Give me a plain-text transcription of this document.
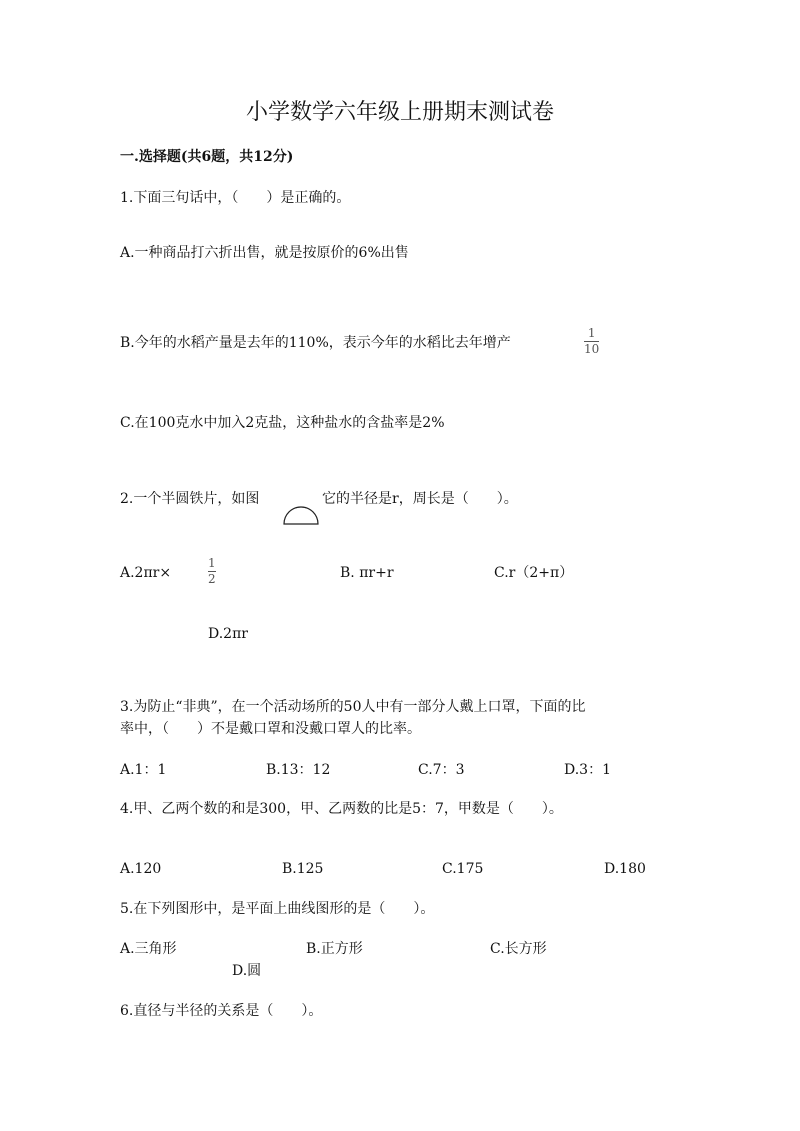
小学数学六年级上册期末测试卷
一.选择题(共6题，共12分)
1.下面三句话中，（　　）是正确的。
A.一种商品打六折出售，就是按原价的6%出售
B.今年的水稻产量是去年的110%，表示今年的水稻比去年增产
1
10
C.在100克水中加入2克盐，这种盐水的含盐率是2%
2.一个半圆铁片，如图	它的半径是r，周长是（　　）。
A.2πr×
1
2	B. πr+r	C.r（2+π）
D.2πr
3.为防止“非典”，在一个活动场所的50人中有一部分人戴上口罩，下面的比
率中，（　　）不是戴口罩和没戴口罩人的比率。
A.1：1	B.13：12	C.7：3	D.3：1
4.甲、乙两个数的和是300，甲、乙两数的比是5：7，甲数是（　　）。
A.120	B.125	C.175	D.180
5.在下列图形中，是平面上曲线图形的是（　　）。
A.三角形	B.正方形	C.长方形
D.圆
6.直径与半径的关系是（　　）。
